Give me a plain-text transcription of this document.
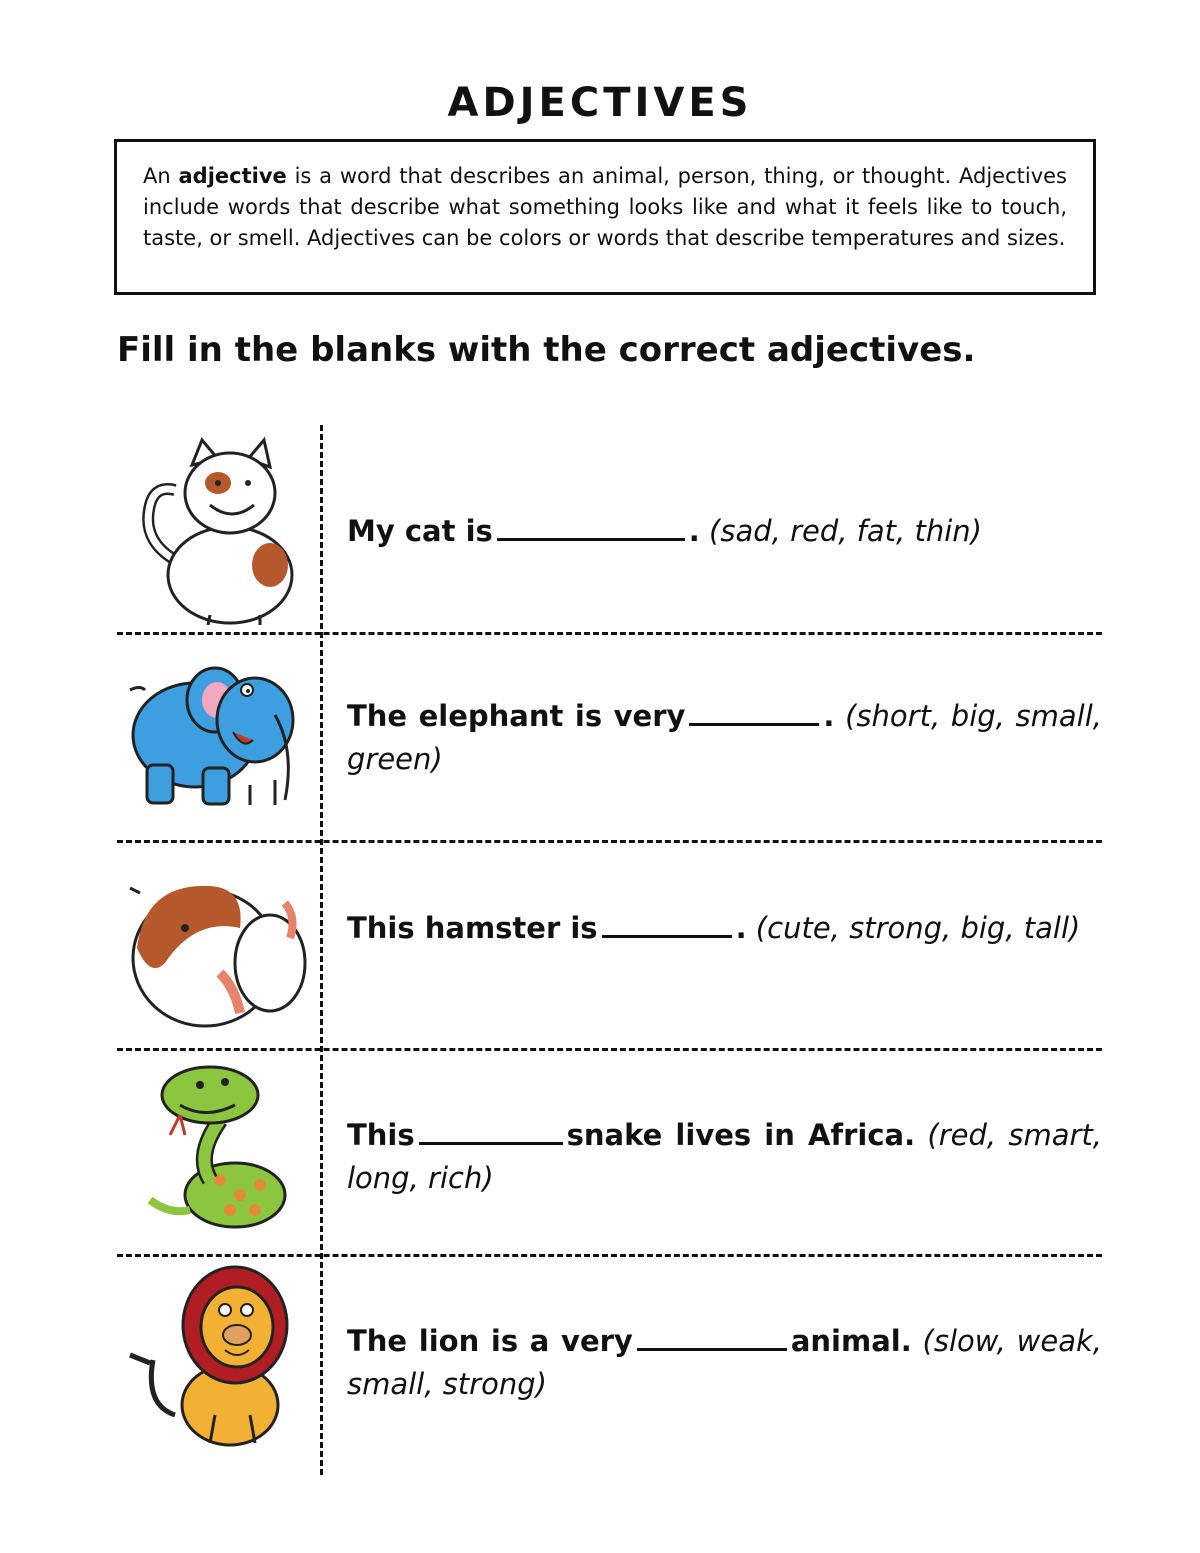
ADJECTIVES
An adjective is a word that describes an animal, person, thing, or thought. Adjectives include words that describe what something looks like and what it feels like to touch, taste, or smell. Adjectives can be colors or words that describe temperatures and sizes.
Fill in the blanks with the correct adjectives.
My cat is	. (sad, red, fat, thin)
The elephant is very	. (short, big, small, green)
This hamster is	. (cute, strong, big, tall)
This	snake lives in Africa. (red, smart, long, rich)
The lion is a very	animal. (slow, weak, small, strong)
